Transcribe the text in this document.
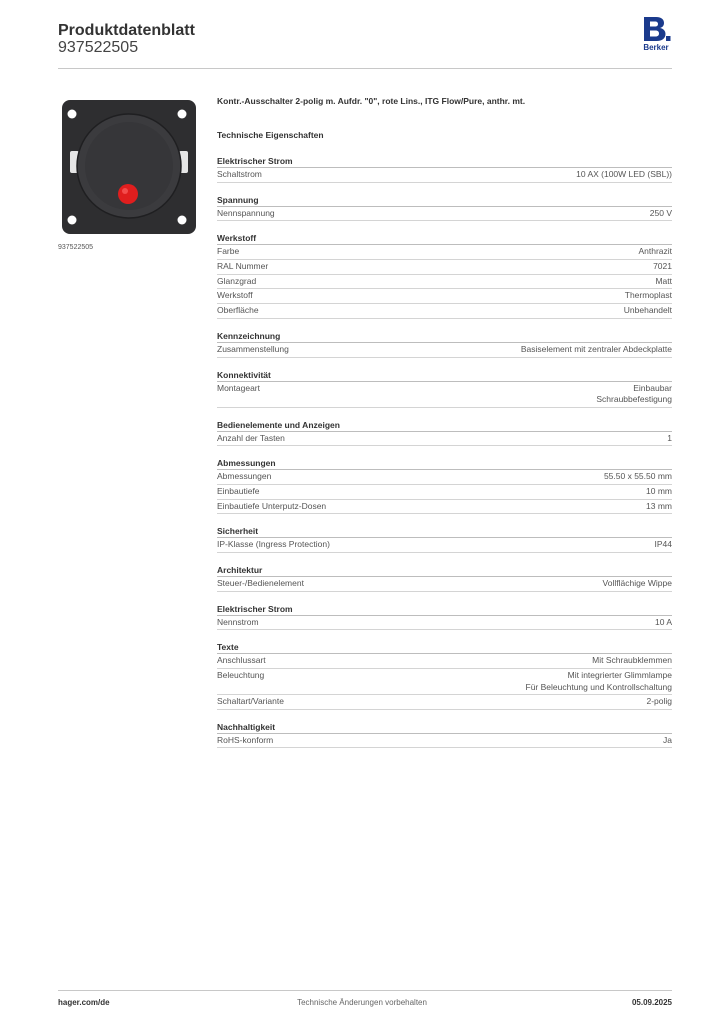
Produktdatenblatt
937522505	Berker
937522505
Kontr.-Ausschalter 2-polig m. Aufdr. "0", rote Lins., ITG Flow/Pure, anthr. mt.
Technische Eigenschaften
Elektrischer Strom
Schaltstrom	10 AX (100W LED (SBL))
Spannung
Nennspannung	250 V
Werkstoff
Farbe	Anthrazit
RAL Nummer	7021
Glanzgrad	Matt
Werkstoff	Thermoplast
Oberfläche	Unbehandelt
Kennzeichnung
Zusammenstellung	Basiselement mit zentraler Abdeckplatte
Konnektivität
Montageart	Einbaubar
Schraubbefestigung
Bedienelemente und Anzeigen
Anzahl der Tasten	1
Abmessungen
Abmessungen	55.50 x 55.50 mm
Einbautiefe	10 mm
Einbautiefe Unterputz-Dosen	13 mm
Sicherheit
IP-Klasse (Ingress Protection)	IP44
Architektur
Steuer-/Bedienelement	Vollflächige Wippe
Elektrischer Strom
Nennstrom	10 A
Texte
Anschlussart	Mit Schraubklemmen
Beleuchtung	Mit integrierter Glimmlampe
Für Beleuchtung und Kontrollschaltung
Schaltart/Variante	2-polig
Nachhaltigkeit
RoHS-konform	Ja
hager.com/de	Technische Änderungen vorbehalten	05.09.2025
